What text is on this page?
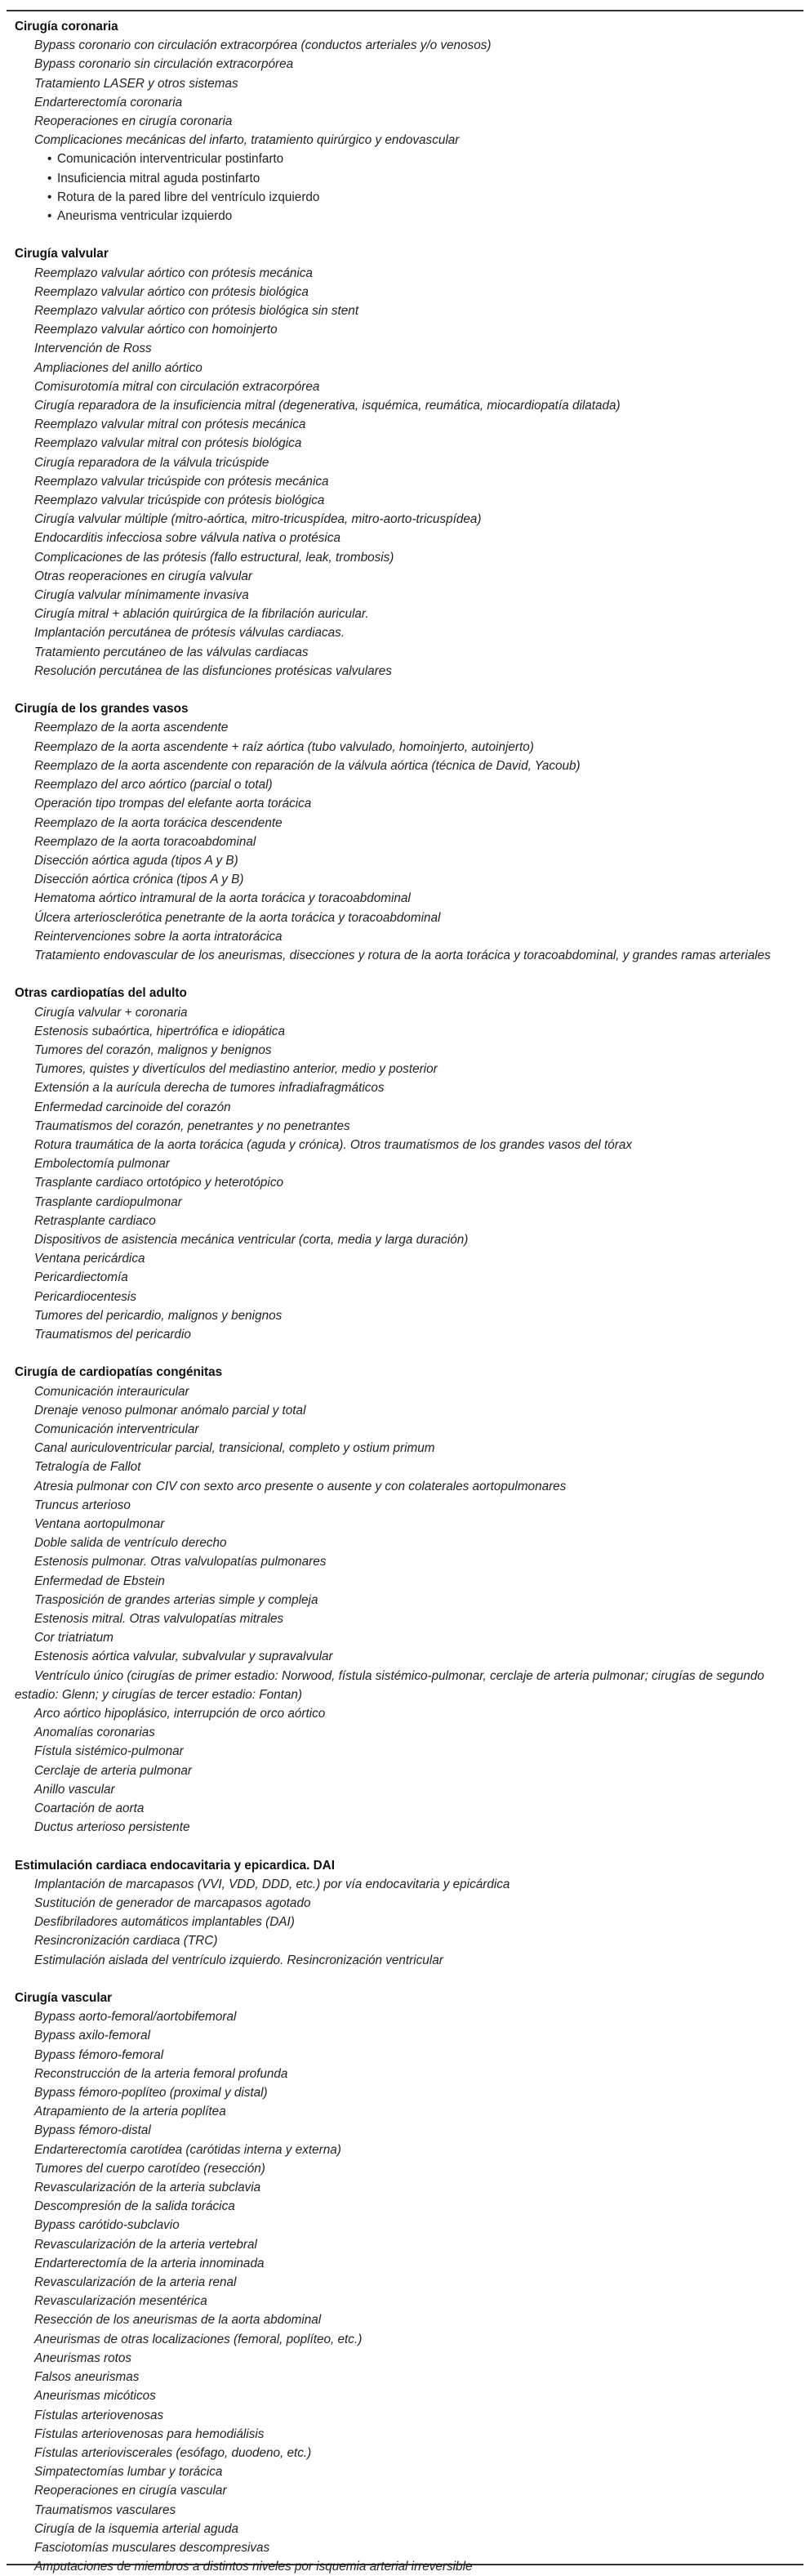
Cirugía coronaria
Bypass coronario con circulación extracorpórea (conductos arteriales y/o venosos)
Bypass coronario sin circulación extracorpórea
Tratamiento LASER y otros sistemas
Endarterectomía coronaria
Reoperaciones en cirugía coronaria
Complicaciones mecánicas del infarto, tratamiento quirúrgico y endovascular
• Comunicación interventricular postinfarto
• Insuficiencia mitral aguda postinfarto
• Rotura de la pared libre del ventrículo izquierdo
• Aneurisma ventricular izquierdo
Cirugía valvular
Reemplazo valvular aórtico con prótesis mecánica
Reemplazo valvular aórtico con prótesis biológica
Reemplazo valvular aórtico con prótesis biológica sin stent
Reemplazo valvular aórtico con homoinjerto
Intervención de Ross
Ampliaciones del anillo aórtico
Comisurotomía mitral con circulación extracorpórea
Cirugía reparadora de la insuficiencia mitral (degenerativa, isquémica, reumática, miocardiopatía dilatada)
Reemplazo valvular mitral con prótesis mecánica
Reemplazo valvular mitral con prótesis biológica
Cirugía reparadora de la válvula tricúspide
Reemplazo valvular tricúspide con prótesis mecánica
Reemplazo valvular tricúspide con prótesis biológica
Cirugía valvular múltiple (mitro-aórtica, mitro-tricuspídea, mitro-aorto-tricuspídea)
Endocarditis infecciosa sobre válvula nativa o protésica
Complicaciones de las prótesis (fallo estructural, leak, trombosis)
Otras reoperaciones en cirugía valvular
Cirugía valvular mínimamente invasiva
Cirugía mitral + ablación quirúrgica de la fibrilación auricular.
Implantación percutánea de prótesis válvulas cardiacas.
Tratamiento percutáneo de las válvulas cardiacas
Resolución percutánea de las disfunciones protésicas valvulares
Cirugía de los grandes vasos
Reemplazo de la aorta ascendente
Reemplazo de la aorta ascendente + raíz aórtica (tubo valvulado, homoinjerto, autoinjerto)
Reemplazo de la aorta ascendente con reparación de la válvula aórtica (técnica de David, Yacoub)
Reemplazo del arco aórtico (parcial o total)
Operación tipo trompas del elefante aorta torácica
Reemplazo de la aorta torácica descendente
Reemplazo de la aorta toracoabdominal
Disección aórtica aguda (tipos A y B)
Disección aórtica crónica (tipos A y B)
Hematoma aórtico intramural de la aorta torácica y toracoabdominal
Úlcera arteriosclerótica penetrante de la aorta torácica y toracoabdominal
Reintervenciones sobre la aorta intratorácica
Tratamiento endovascular de los aneurismas, disecciones y rotura de la aorta torácica y toracoabdominal, y grandes ramas arteriales
Otras cardiopatías del adulto
Cirugía valvular + coronaria
Estenosis subaórtica, hipertrófica e idiopática
Tumores del corazón, malignos y benignos
Tumores, quistes y divertículos del mediastino anterior, medio y posterior
Extensión a la aurícula derecha de tumores infradiafragmáticos
Enfermedad carcinoide del corazón
Traumatismos del corazón, penetrantes y no penetrantes
Rotura traumática de la aorta torácica (aguda y crónica). Otros traumatismos de los grandes vasos del tórax
Embolectomía pulmonar
Trasplante cardiaco ortotópico y heterotópico
Trasplante cardiopulmonar
Retrasplante cardiaco
Dispositivos de asistencia mecánica ventricular (corta, media y larga duración)
Ventana pericárdica
Pericardiectomía
Pericardiocentesis
Tumores del pericardio, malignos y benignos
Traumatismos del pericardio
Cirugía de cardiopatías congénitas
Comunicación interauricular
Drenaje venoso pulmonar anómalo parcial y total
Comunicación interventricular
Canal auriculoventricular parcial, transicional, completo y ostium primum
Tetralogía de Fallot
Atresia pulmonar con CIV con sexto arco presente o ausente y con colaterales aortopulmonares
Truncus arterioso
Ventana aortopulmonar
Doble salida de ventrículo derecho
Estenosis pulmonar. Otras valvulopatías pulmonares
Enfermedad de Ebstein
Trasposición de grandes arterias simple y compleja
Estenosis mitral. Otras valvulopatías mitrales
Cor triatriatum
Estenosis aórtica valvular, subvalvular y supravalvular
Ventrículo único (cirugías de primer estadio: Norwood, fístula sistémico-pulmonar, cerclaje de arteria pulmonar; cirugías de segundo estadio: Glenn; y cirugías de tercer estadio: Fontan)
Arco aórtico hipoplásico, interrupción de orco aórtico
Anomalías coronarias
Fístula sistémico-pulmonar
Cerclaje de arteria pulmonar
Anillo vascular
Coartación de aorta
Ductus arterioso persistente
Estimulación cardiaca endocavitaria y epicardica. DAI
Implantación de marcapasos (VVI, VDD, DDD, etc.) por vía endocavitaria y epicárdica
Sustitución de generador de marcapasos agotado
Desfibriladores automáticos implantables (DAI)
Resincronización cardiaca (TRC)
Estimulación aislada del ventrículo izquierdo. Resincronización ventricular
Cirugía vascular
Bypass aorto-femoral/aortobifemoral
Bypass axilo-femoral
Bypass fémoro-femoral
Reconstrucción de la arteria femoral profunda
Bypass fémoro-poplíteo (proximal y distal)
Atrapamiento de la arteria poplítea
Bypass fémoro-distal
Endarterectomía carotídea (carótidas interna y externa)
Tumores del cuerpo carotídeo (resección)
Revascularización de la arteria subclavia
Descompresión de la salida torácica
Bypass carótido-subclavio
Revascularización de la arteria vertebral
Endarterectomía de la arteria innominada
Revascularización de la arteria renal
Revascularización mesentérica
Resección de los aneurismas de la aorta abdominal
Aneurismas de otras localizaciones (femoral, poplíteo, etc.)
Aneurismas rotos
Falsos aneurismas
Aneurismas micóticos
Fístulas arteriovenosas
Fístulas arteriovenosas para hemodiálisis
Fístulas arterioviscerales (esófago, duodeno, etc.)
Simpatectomías lumbar y torácica
Reoperaciones en cirugía vascular
Traumatismos vasculares
Cirugía de la isquemia arterial aguda
Fasciotomías musculares descompresivas
Amputaciones de miembros a distintos niveles por isquemia arterial irreversible
